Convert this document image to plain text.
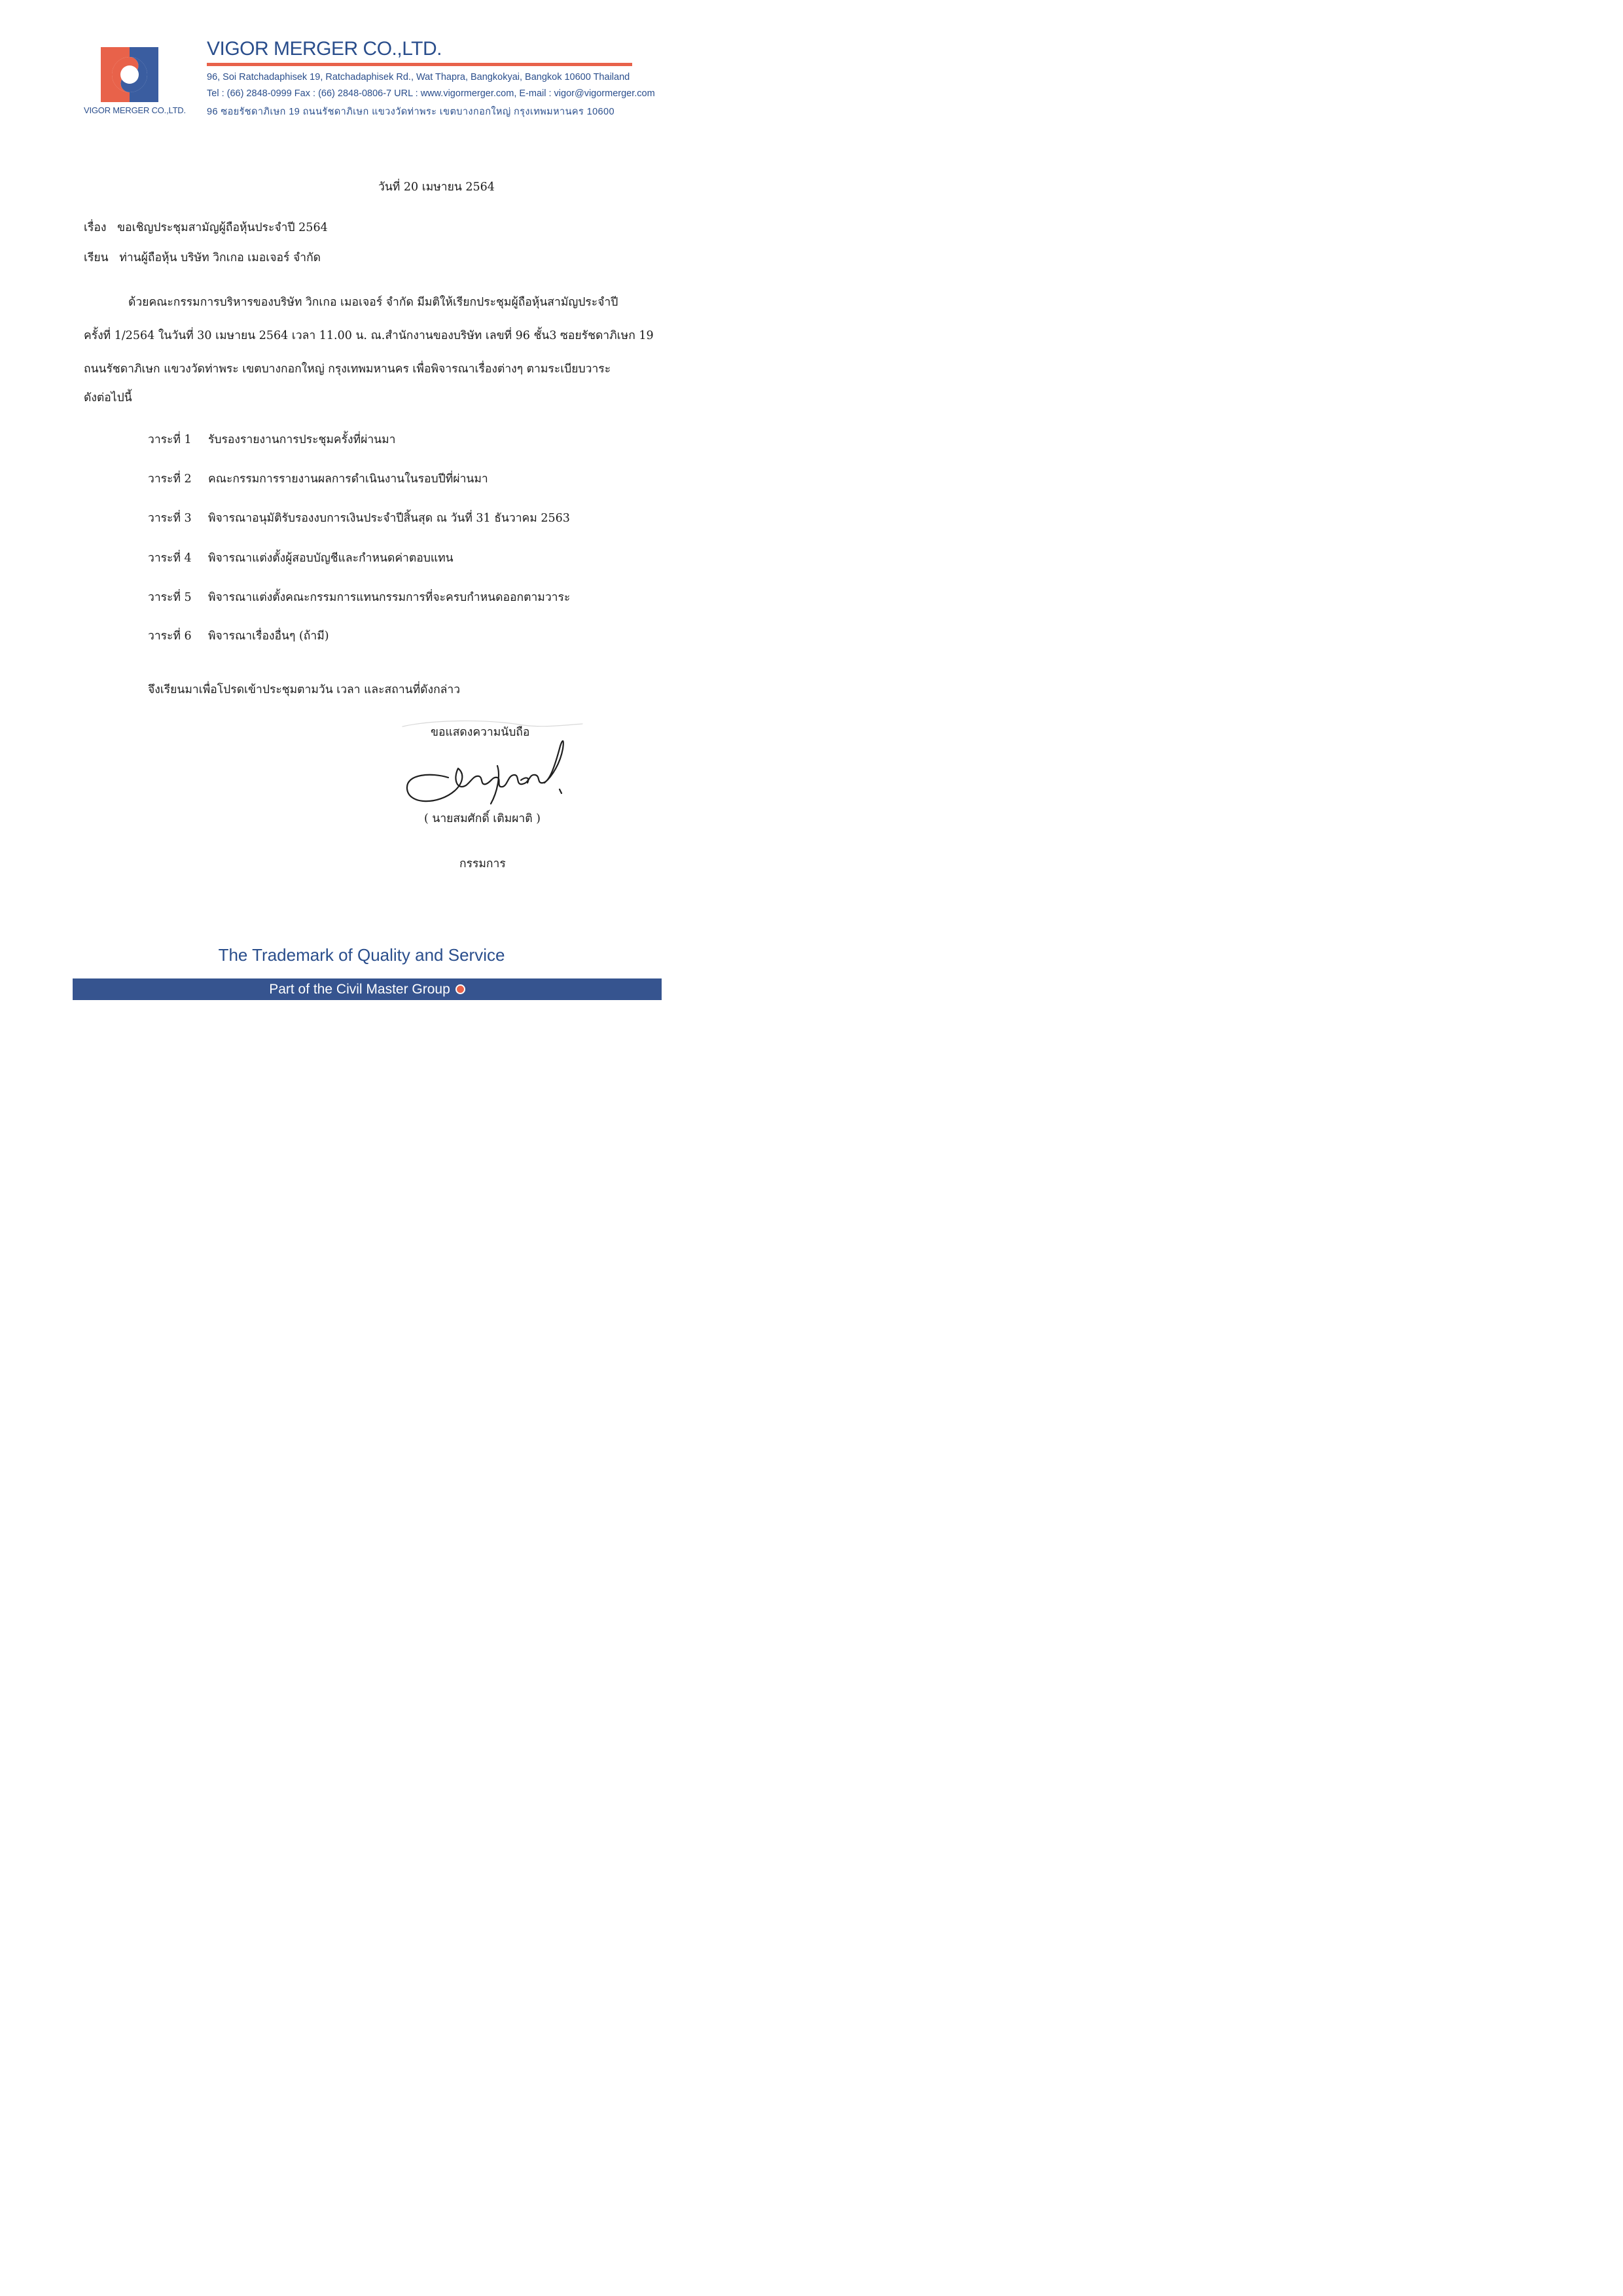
VIGOR MERGER CO.,LTD.
VIGOR MERGER CO.,LTD.
96, Soi Ratchadaphisek 19, Ratchadaphisek Rd., Wat Thapra, Bangkokyai, Bangkok 10600 Thailand
Tel : (66) 2848-0999 Fax : (66) 2848-0806-7 URL : www.vigormerger.com, E-mail : vigor@vigormerger.com
96 ซอยรัชดาภิเษก 19 ถนนรัชดาภิเษก แขวงวัดท่าพระ เขตบางกอกใหญ่ กรุงเทพมหานคร 10600
วันที่ 20 เมษายน 2564
เรื่อง ขอเชิญประชุมสามัญผู้ถือหุ้นประจำปี 2564
เรียน ท่านผู้ถือหุ้น บริษัท วิกเกอ เมอเจอร์ จำกัด
ด้วยคณะกรรมการบริหารของบริษัท วิกเกอ เมอเจอร์ จำกัด มีมติให้เรียกประชุมผู้ถือหุ้นสามัญประจำปี
ครั้งที่ 1/2564 ในวันที่ 30 เมษายน 2564 เวลา 11.00 น. ณ.สำนักงานของบริษัท เลขที่ 96 ชั้น3 ซอยรัชดาภิเษก 19
ถนนรัชดาภิเษก แขวงวัดท่าพระ เขตบางกอกใหญ่ กรุงเทพมหานคร เพื่อพิจารณาเรื่องต่างๆ ตามระเบียบวาระ
ดังต่อไปนี้
วาระที่ 1 รับรองรายงานการประชุมครั้งที่ผ่านมา
วาระที่ 2 คณะกรรมการรายงานผลการดำเนินงานในรอบปีที่ผ่านมา
วาระที่ 3 พิจารณาอนุมัติรับรองงบการเงินประจำปีสิ้นสุด ณ วันที่ 31 ธันวาคม 2563
วาระที่ 4 พิจารณาแต่งตั้งผู้สอบบัญชีและกำหนดค่าตอบแทน
วาระที่ 5 พิจารณาแต่งตั้งคณะกรรมการแทนกรรมการที่จะครบกำหนดออกตามวาระ
วาระที่ 6 พิจารณาเรื่องอื่นๆ (ถ้ามี)
จึงเรียนมาเพื่อโปรดเข้าประชุมตามวัน เวลา และสถานที่ดังกล่าว
ขอแสดงความนับถือ
( นายสมศักดิ์ เติมผาติ )
กรรมการ
The Trademark of Quality and Service
Part of the Civil Master Group
